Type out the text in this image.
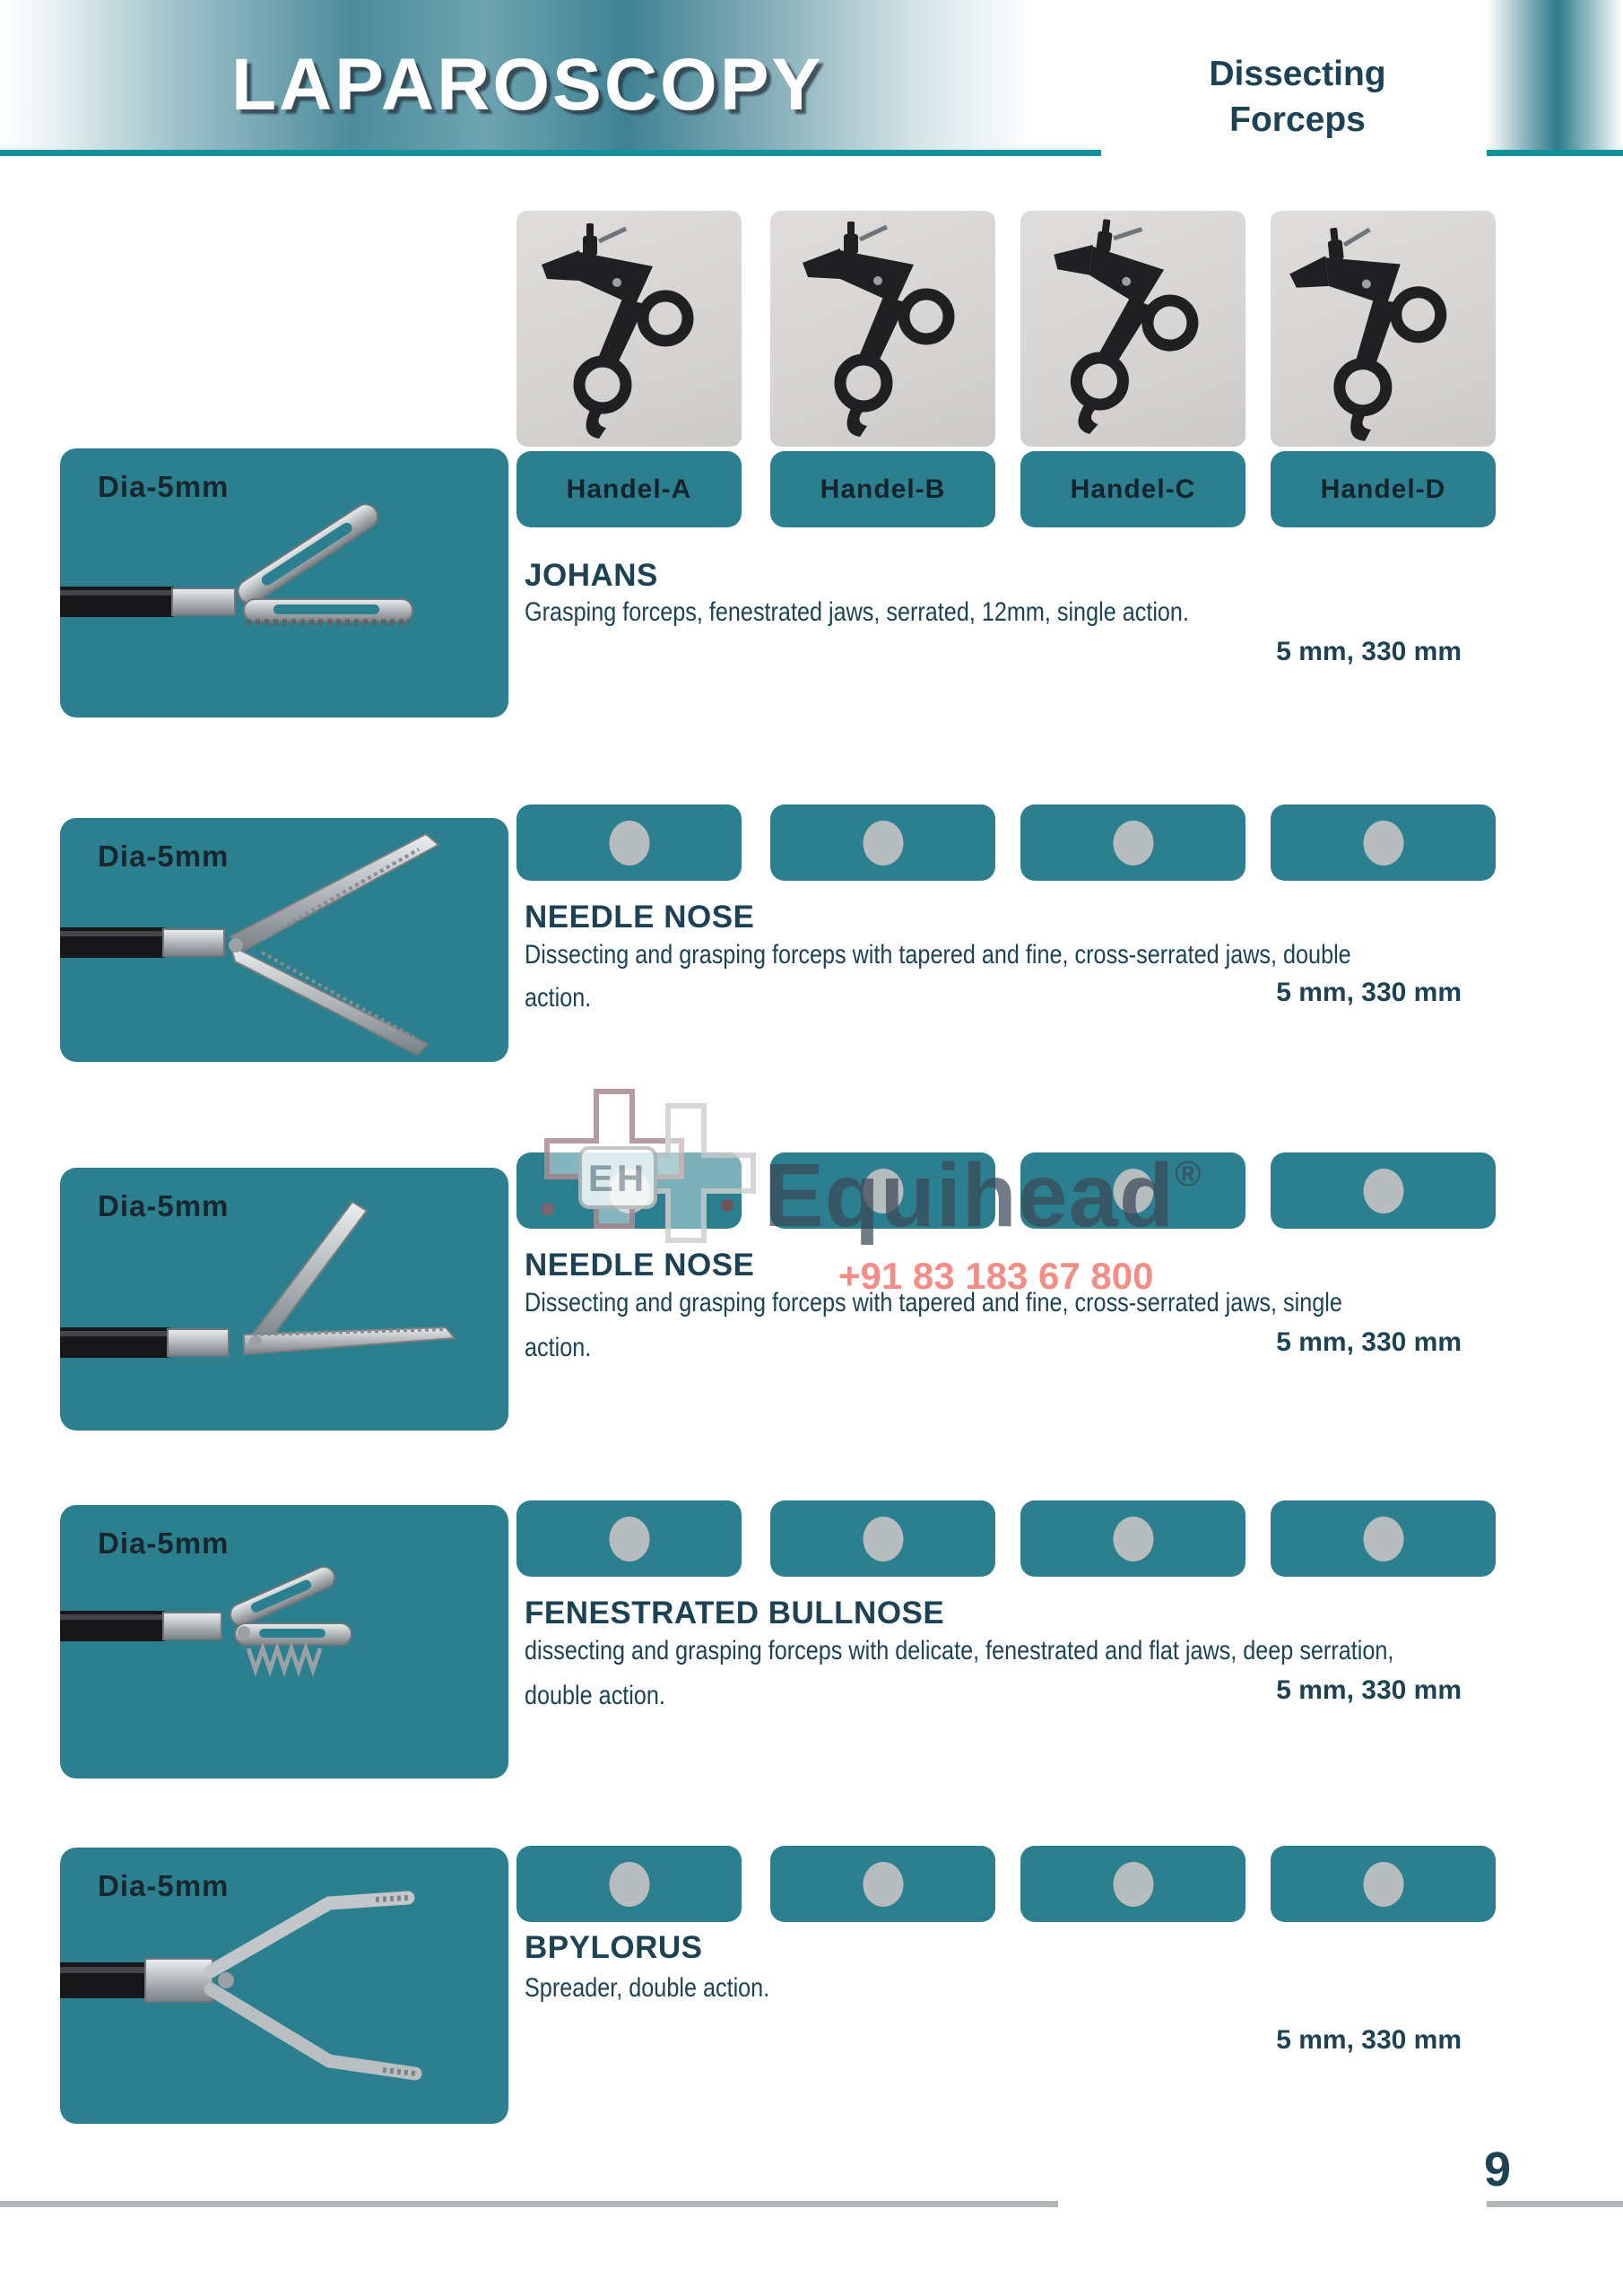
LAPAROSCOPY	Dissecting
Forceps
Handel-A	Handel-B	Handel-C	Handel-D
Dia-5mm
Dia-5mm
Dia-5mm
Dia-5mm
Dia-5mm
JOHANS
Grasping forceps, fenestrated jaws, serrated, 12mm, single action.
5 mm, 330 mm
NEEDLE NOSE
Dissecting and grasping forceps with tapered and fine, cross-serrated jaws, double
action.	5 mm, 330 mm
NEEDLE NOSE
Dissecting and grasping forceps with tapered and fine, cross-serrated jaws, single
action.	5 mm, 330 mm
FENESTRATED BULLNOSE
dissecting and grasping forceps with delicate, fenestrated and flat jaws, deep serration,
double action.	5 mm, 330 mm
BPYLORUS
Spreader, double action.
5 mm, 330 mm
EH Equihead®
+91 83 183 67 800
9
